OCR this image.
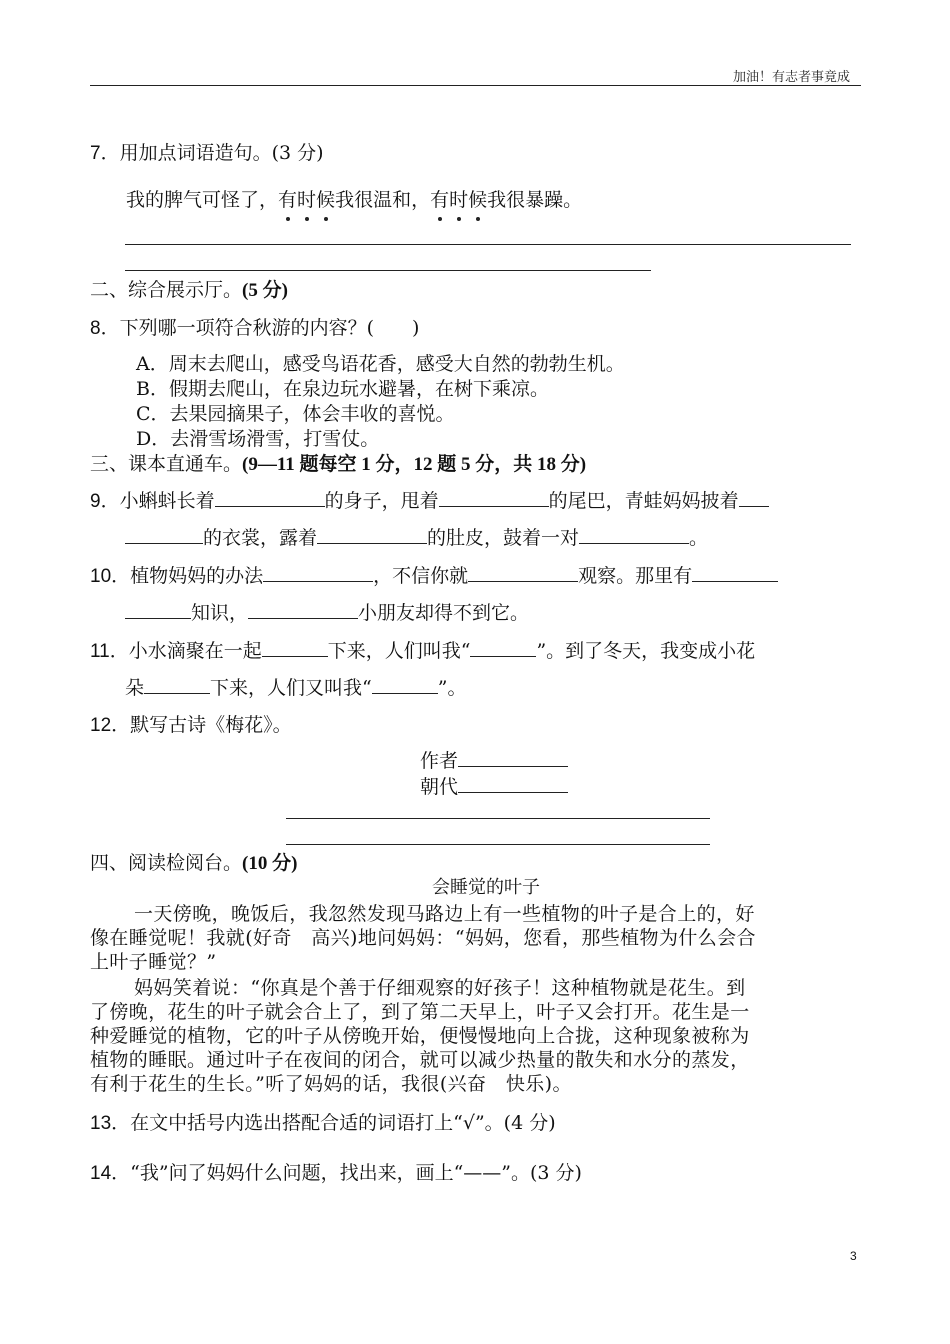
加油！有志者事竟成
7．用加点词语造句。(3 分)
我的脾气可怪了，有
时
候
我很温和，有
时
候
我很暴躁。
二、综合展示厅。(5 分)
8．下列哪一项符合秋游的内容？(　　)
A．周末去爬山，感受鸟语花香，感受大自然的勃勃生机。
B．假期去爬山，在泉边玩水避暑，在树下乘凉。
C．去果园摘果子，体会丰收的喜悦。
D．去滑雪场滑雪，打雪仗。
三、课本直通车。(9—11 题每空 1 分，12 题 5 分，共 18 分)
9．小蝌蚪长着	的身子，甩着	的尾巴，青蛙妈妈披着
的衣裳，露着	的肚皮，鼓着一对	。
10．植物妈妈的办法	，不信你就	观察。那里有
知识，	小朋友却得不到它。
11．小水滴聚在一起	下来，人们叫我“	”。到了冬天，我变成小花
朵	下来，人们又叫我“	”。
12．默写古诗《梅花》。
作者
朝代
四、阅读检阅台。(10 分)
会睡觉的叶子
一天傍晚，晚饭后，我忽然发现马路边上有一些植物的叶子是合上的，好
像在睡觉呢！我就(好奇　高兴)地问妈妈：“妈妈，您看，那些植物为什么会合
上叶子睡觉？”
妈妈笑着说：“你真是个善于仔细观察的好孩子！这种植物就是花生。到
了傍晚，花生的叶子就会合上了，到了第二天早上，叶子又会打开。花生是一
种爱睡觉的植物，它的叶子从傍晚开始，便慢慢地向上合拢，这种现象被称为
植物的睡眠。通过叶子在夜间的闭合，就可以减少热量的散失和水分的蒸发，
有利于花生的生长。”听了妈妈的话，我很(兴奋　快乐)。
13．在文中括号内选出搭配合适的词语打上“√”。(4 分)
14．“我”问了妈妈什么问题，找出来，画上“——”。(3 分)
3
